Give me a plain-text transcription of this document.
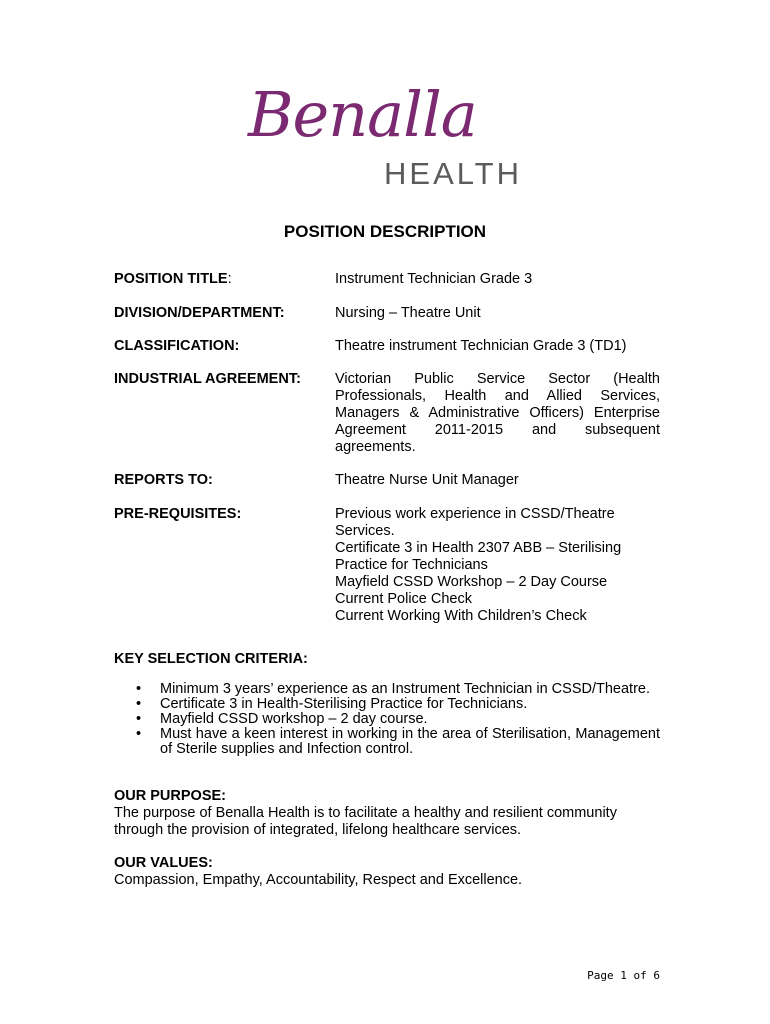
Benalla
HEALTH
POSITION DESCRIPTION
POSITION TITLE:	Instrument Technician Grade 3
DIVISION/DEPARTMENT:	Nursing – Theatre Unit
CLASSIFICATION:	Theatre instrument Technician Grade 3 (TD1)
INDUSTRIAL AGREEMENT: Victorian Public Service Sector (Health Professionals, Health and Allied Services, Managers & Administrative Officers) Enterprise Agreement 2011-2015 and subsequent agreements.
REPORTS TO:	Theatre Nurse Unit Manager
PRE-REQUISITES:	Previous work experience in CSSD/Theatre
Services.
Certificate 3 in Health 2307 ABB – Sterilising
Practice for Technicians
Mayfield CSSD Workshop – 2 Day Course
Current Police Check
Current Working With Children’s Check
KEY SELECTION CRITERIA:
• Minimum 3 years’ experience as an Instrument Technician in CSSD/Theatre.
• Certificate 3 in Health-Sterilising Practice for Technicians.
• Mayfield CSSD workshop – 2 day course.
• Must have a keen interest in working in the area of Sterilisation, Management of Sterile supplies and Infection control.
OUR PURPOSE:
The purpose of Benalla Health is to facilitate a healthy and resilient community through the provision of integrated, lifelong healthcare services.
OUR VALUES:
Compassion, Empathy, Accountability, Respect and Excellence.
Page 1 of 6
